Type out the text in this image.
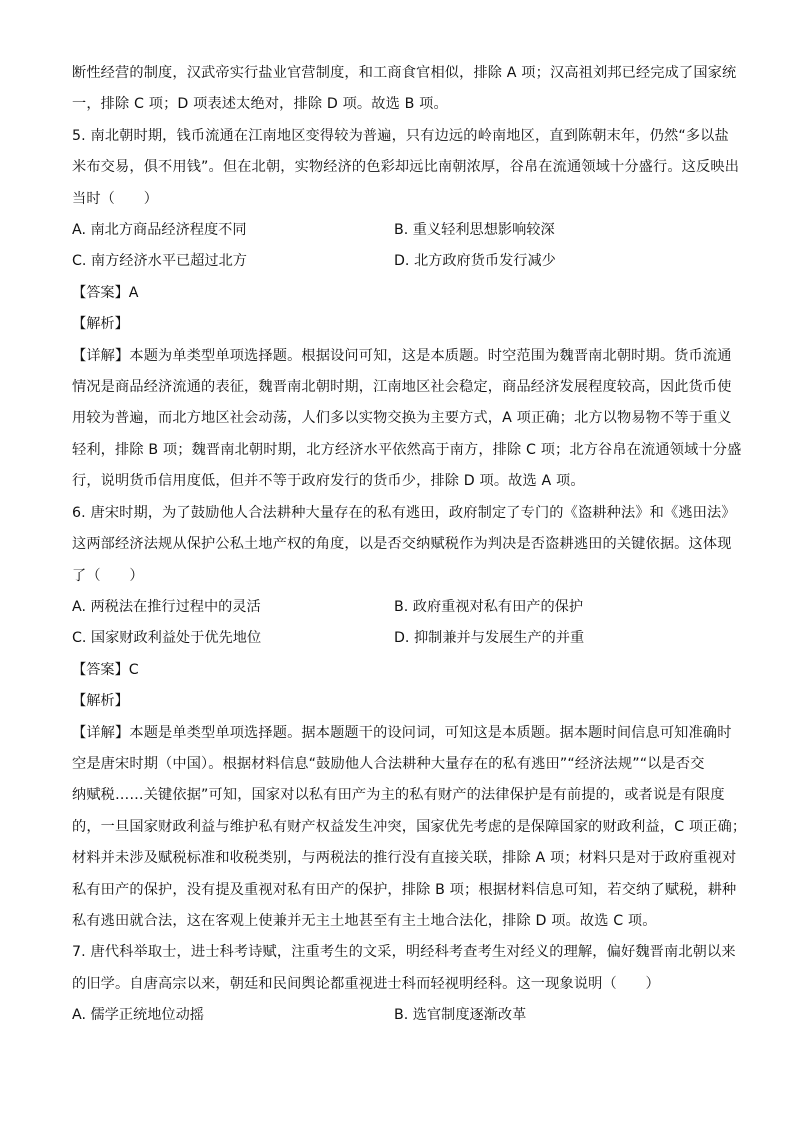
断性经营的制度，汉武帝实行盐业官营制度，和工商食官相似，排除 A 项；汉高祖刘邦已经完成了国家统
一，排除 C 项；D 项表述太绝对，排除 D 项。故选 B 项。
5. 南北朝时期，钱币流通在江南地区变得较为普遍，只有边远的岭南地区，直到陈朝末年，仍然“多以盐
米布交易，俱不用钱”。但在北朝，实物经济的色彩却远比南朝浓厚，谷帛在流通领域十分盛行。这反映出
当时（　　）
A. 南北方商品经济程度不同	B. 重义轻利思想影响较深
C. 南方经济水平已超过北方	D. 北方政府货币发行减少
【答案】A
【解析】
【详解】本题为单类型单项选择题。根据设问可知，这是本质题。时空范围为魏晋南北朝时期。货币流通
情况是商品经济流通的表征，魏晋南北朝时期，江南地区社会稳定，商品经济发展程度较高，因此货币使
用较为普遍，而北方地区社会动荡，人们多以实物交换为主要方式，A 项正确；北方以物易物不等于重义
轻利，排除 B 项；魏晋南北朝时期，北方经济水平依然高于南方，排除 C 项；北方谷帛在流通领域十分盛
行，说明货币信用度低，但并不等于政府发行的货币少，排除 D 项。故选 A 项。
6. 唐宋时期，为了鼓励他人合法耕种大量存在的私有逃田，政府制定了专门的《盗耕种法》和《逃田法》
这两部经济法规从保护公私土地产权的角度，以是否交纳赋税作为判决是否盗耕逃田的关键依据。这体现
了（　　）
A. 两税法在推行过程中的灵活	B. 政府重视对私有田产的保护
C. 国家财政利益处于优先地位	D. 抑制兼并与发展生产的并重
【答案】C
【解析】
【详解】本题是单类型单项选择题。据本题题干的设问词，可知这是本质题。据本题时间信息可知准确时
空是唐宋时期（中国）。根据材料信息“鼓励他人合法耕种大量存在的私有逃田”“经济法规”“以是否交
纳赋税……关键依据”可知，国家对以私有田产为主的私有财产的法律保护是有前提的，或者说是有限度
的，一旦国家财政利益与维护私有财产权益发生冲突，国家优先考虑的是保障国家的财政利益，C 项正确；
材料并未涉及赋税标准和收税类别，与两税法的推行没有直接关联，排除 A 项；材料只是对于政府重视对
私有田产的保护，没有提及重视对私有田产的保护，排除 B 项；根据材料信息可知，若交纳了赋税，耕种
私有逃田就合法，这在客观上使兼并无主土地甚至有主土地合法化，排除 D 项。故选 C 项。
7. 唐代科举取士，进士科考诗赋，注重考生的文采，明经科考查考生对经义的理解，偏好魏晋南北朝以来
的旧学。自唐高宗以来，朝廷和民间舆论都重视进士科而轻视明经科。这一现象说明（　　）
A. 儒学正统地位动摇	B. 选官制度逐渐改革
